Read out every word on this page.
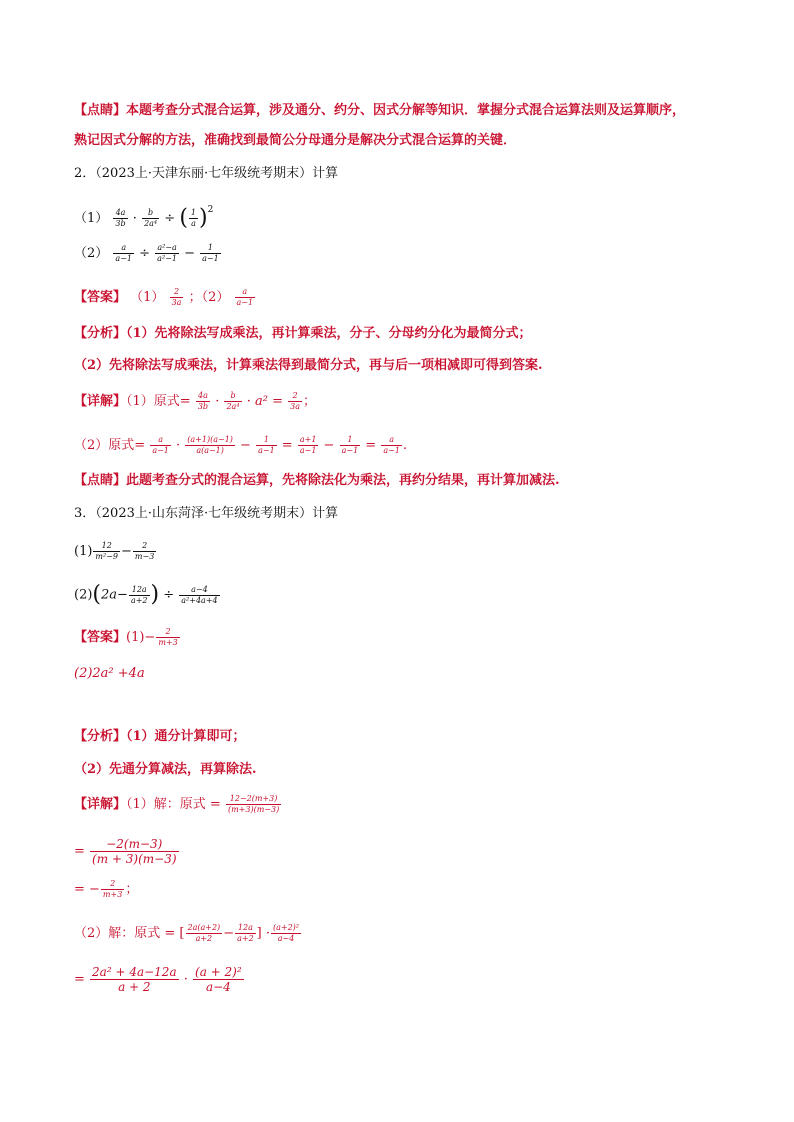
【点睛】本题考查分式混合运算，涉及通分、约分、因式分解等知识．掌握分式混合运算法则及运算顺序，
熟记因式分解的方法，准确找到最简公分母通分是解决分式混合运算的关键．
2．（2023上·天津东丽·七年级统考期末）计算
$(1) \frac{4a}{3b} \cdot \frac{b}{\text{2a⁴}}$ ÷ ( $\frac{1}{a} )^2$
$(2) \frac{a}{a-1} \div \frac{\text{a²−a}}{\text{a²−1}} - \frac{1}{a-1}$
【答案】 $(1) \frac{2}{3a}$ ；$(2) \frac{a}{a-1}$
【分析】（1）先将除法写成乘法，再计算乘法，分子、分母约分化为最简分式；
（2）先将除法写成乘法，计算乘法得到最简分式，再与后一项相减即可得到答案.
【详解】（1）原式= $\frac{4a}{3b} \cdot \frac{b}{\text{2a⁴}} \cdot a^2 = \frac{2}{3a}$ ；
（2）原式= $\frac{a}{a-1} \cdot \frac{(a+1)(a-1)}{a(a-1)} - \frac{1}{a-1} = \frac{a+1}{a-1} - \frac{1}{a-1} = \frac{a}{a-1}$ .
【点睛】此题考查分式的混合运算，先将除法化为乘法，再约分结果，再计算加减法.
3．（2023上·山东菏泽·七年级统考期末）计算
$(1) \frac{12}{\text{m²−9}} - \frac{2}{m-3}$
$(2)(2a- \frac{12a}{a+2}$ ) ÷ $\frac{a-4}{\text{a²+4a+4}}$
【答案】$(1)- \frac{2}{m+3}$
(2)2a² +4a
【分析】（1）通分计算即可；
（2）先通分算减法，再算除法.
【详解】（1）解：原式 = $\frac{12-2(m+3)}{(m+3)(m-3)}$
= $\frac{-2(m-3)}{(m + 3)(m-3)}$
= − $\frac{2}{m+3}$ ；
（2）解：原式 = [ $\frac{2a(a+2)}{a+2} - \frac{12a}{a+2}$ ] · $\frac{\text{(a+2)²}}{a-4}$
= $\frac{\text{2a² + 4a−12a}}{a + 2} \cdot \frac{\text{(a + 2)²}}{a-4}$
